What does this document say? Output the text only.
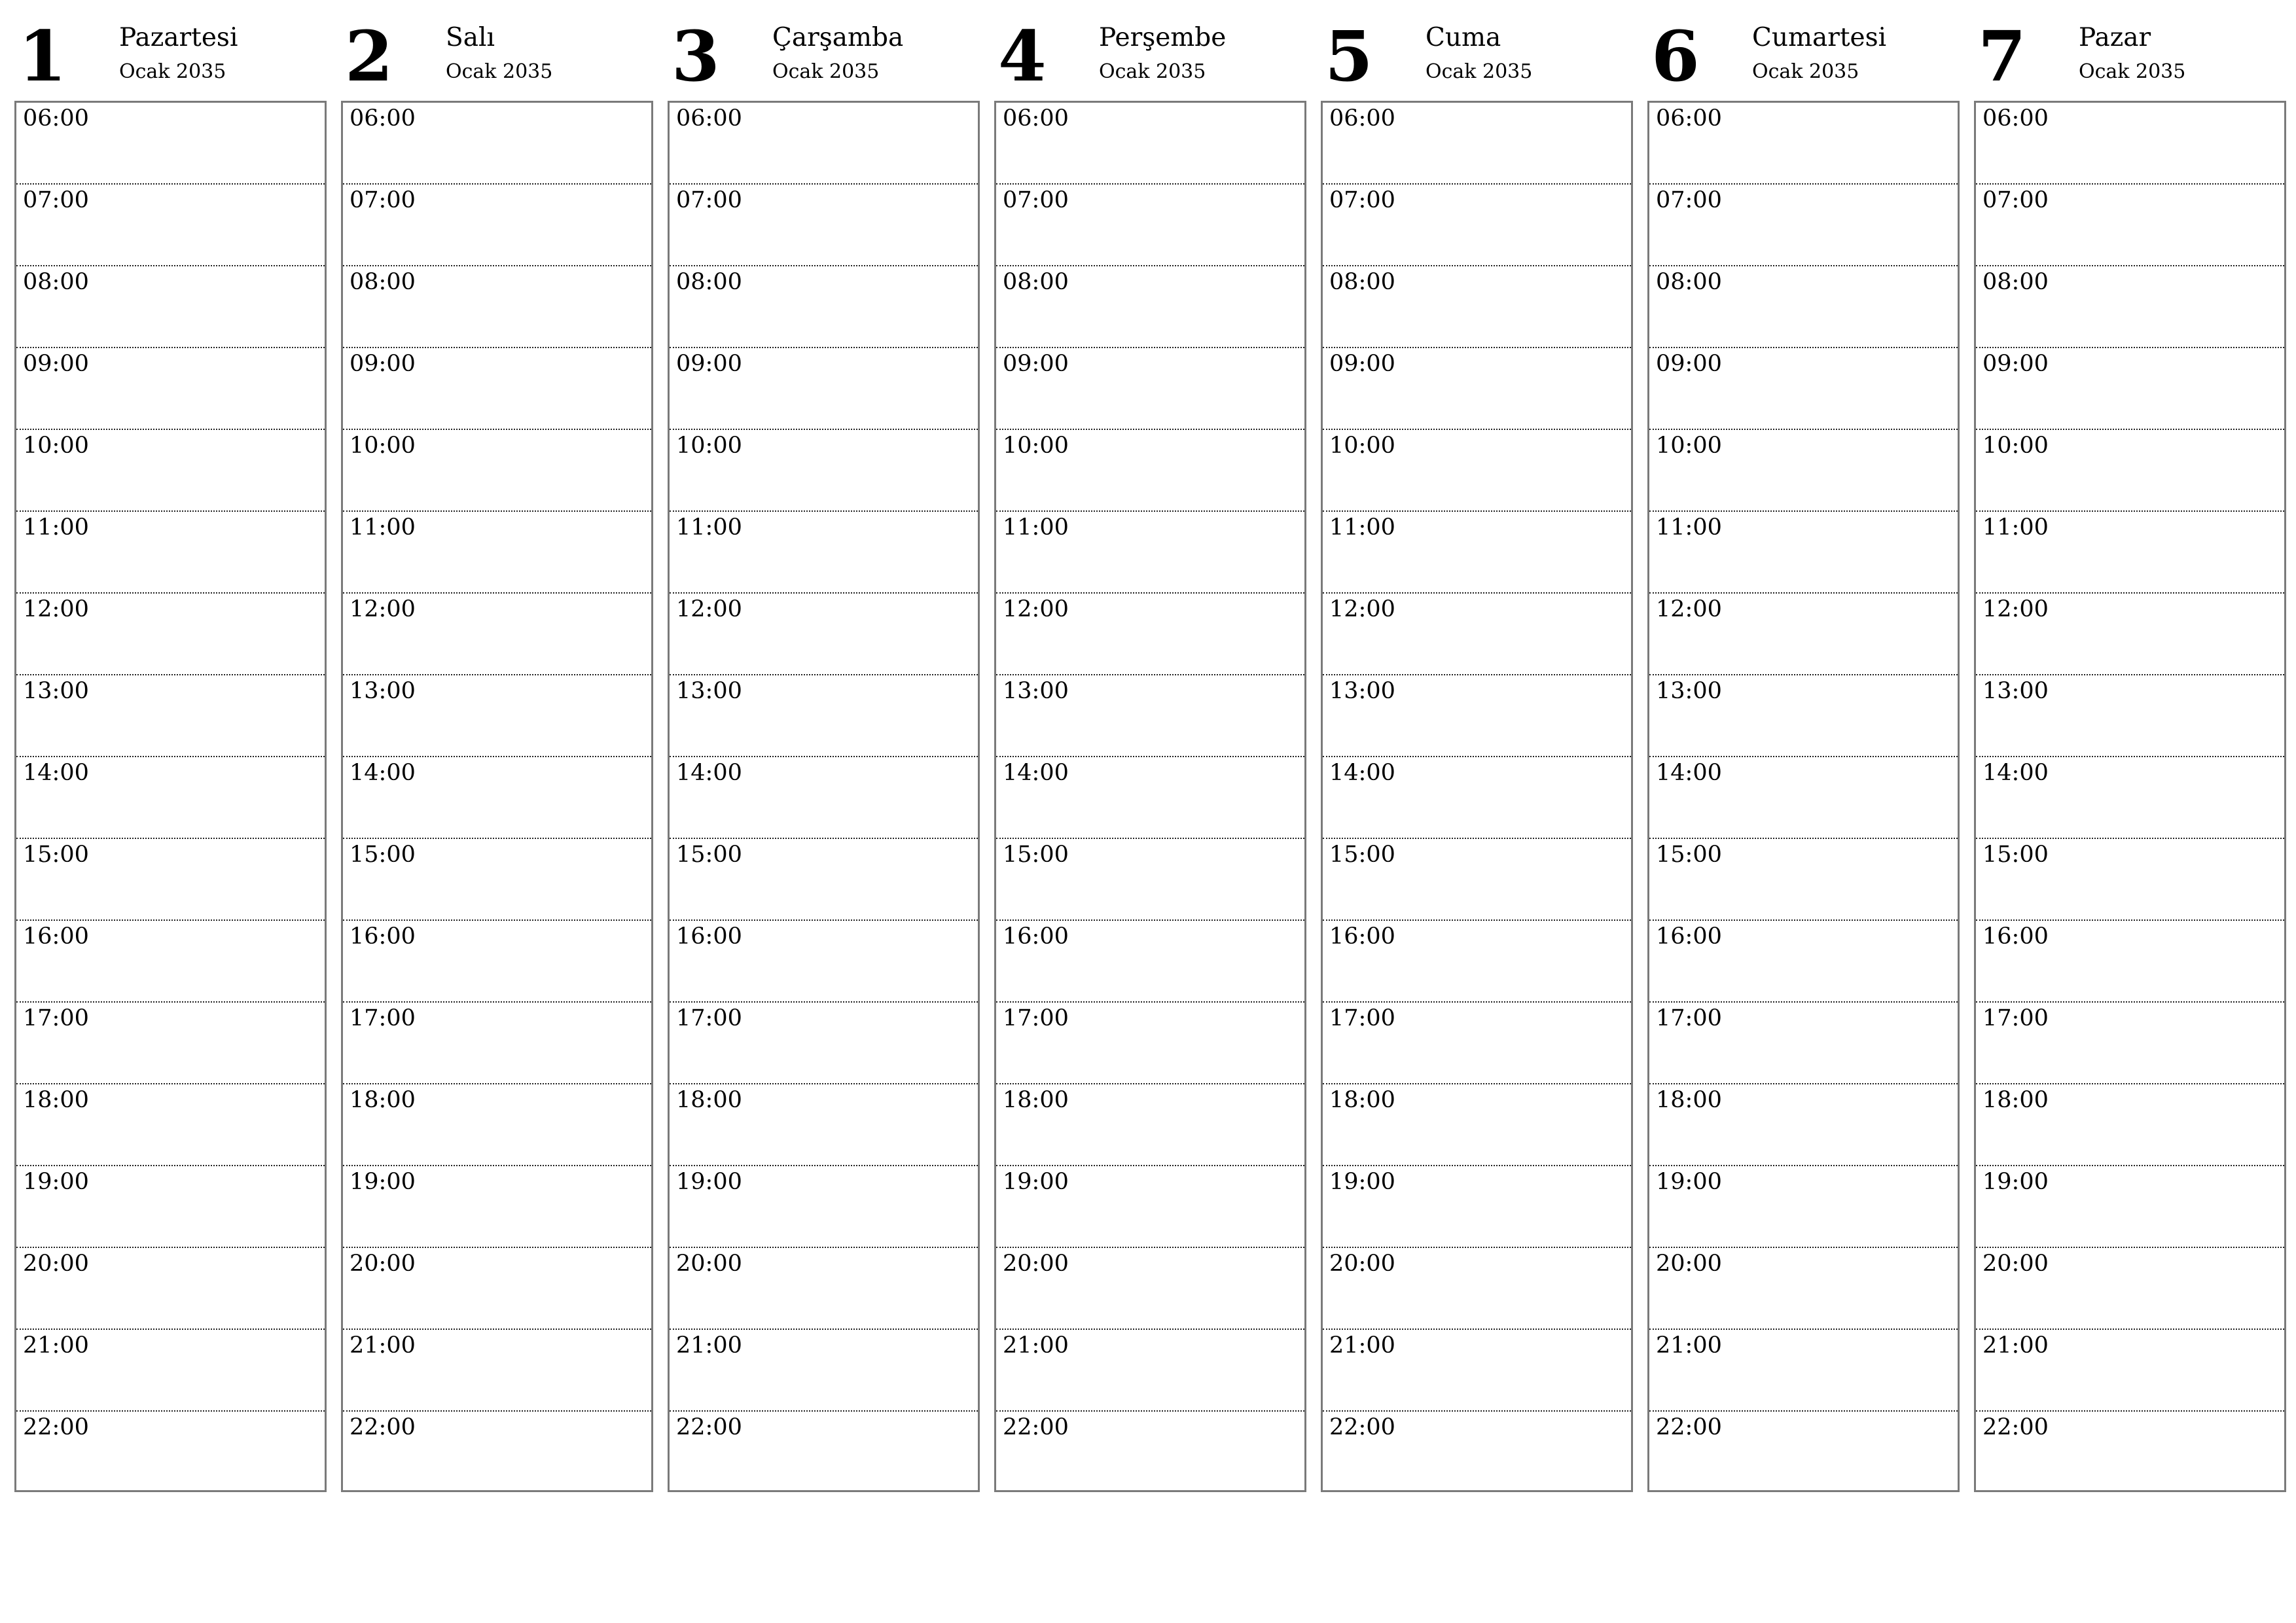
1 Pazartesi
Ocak 2035
06:00
07:00
08:00
09:00
10:00
11:00
12:00
13:00
14:00
15:00
16:00
17:00
18:00
19:00
20:00
21:00
22:00
2 Salı
Ocak 2035
06:00
07:00
08:00
09:00
10:00
11:00
12:00
13:00
14:00
15:00
16:00
17:00
18:00
19:00
20:00
21:00
22:00
3 Çarşamba
Ocak 2035
06:00
07:00
08:00
09:00
10:00
11:00
12:00
13:00
14:00
15:00
16:00
17:00
18:00
19:00
20:00
21:00
22:00
4 Perşembe
Ocak 2035
06:00
07:00
08:00
09:00
10:00
11:00
12:00
13:00
14:00
15:00
16:00
17:00
18:00
19:00
20:00
21:00
22:00
5 Cuma
Ocak 2035
06:00
07:00
08:00
09:00
10:00
11:00
12:00
13:00
14:00
15:00
16:00
17:00
18:00
19:00
20:00
21:00
22:00
6 Cumartesi
Ocak 2035
06:00
07:00
08:00
09:00
10:00
11:00
12:00
13:00
14:00
15:00
16:00
17:00
18:00
19:00
20:00
21:00
22:00
7 Pazar
Ocak 2035
06:00
07:00
08:00
09:00
10:00
11:00
12:00
13:00
14:00
15:00
16:00
17:00
18:00
19:00
20:00
21:00
22:00
